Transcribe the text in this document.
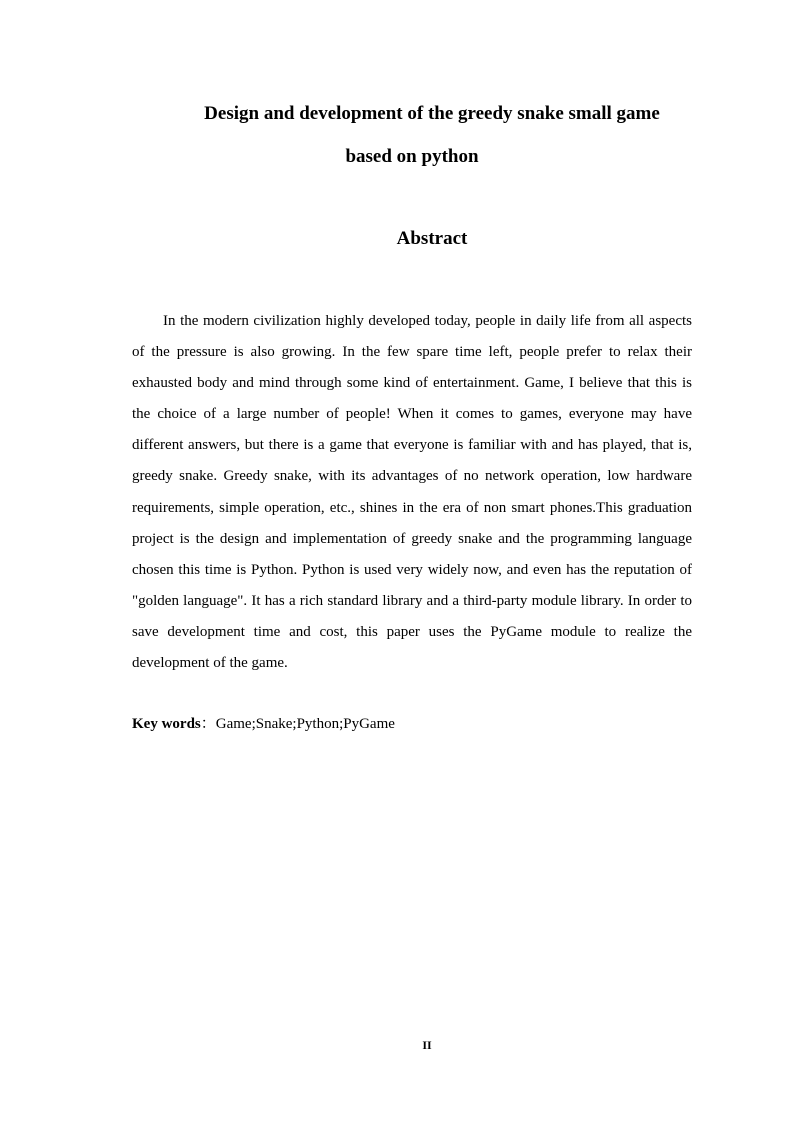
Design and development of the greedy snake small game
based on python
Abstract

In the modern civilization highly developed today, people in daily life from all aspects of the pressure is also growing. In the few spare time left, people prefer to relax their exhausted body and mind through some kind of entertainment. Game, I believe that this is the choice of a large number of people! When it comes to games, everyone may have different answers, but there is a game that everyone is familiar with and has played, that is, greedy snake. Greedy snake, with its advantages of no network operation, low hardware requirements, simple operation, etc., shines in the era of non smart phones.This graduation project is the design and implementation of greedy snake and the programming language chosen this time is Python. Python is used very widely now, and even has the reputation of "golden language". It has a rich standard library and a third-party module library. In order to save development time and cost, this paper uses the PyGame module to realize the development of the game.

Key words：Game;Snake;Python;PyGame

II
